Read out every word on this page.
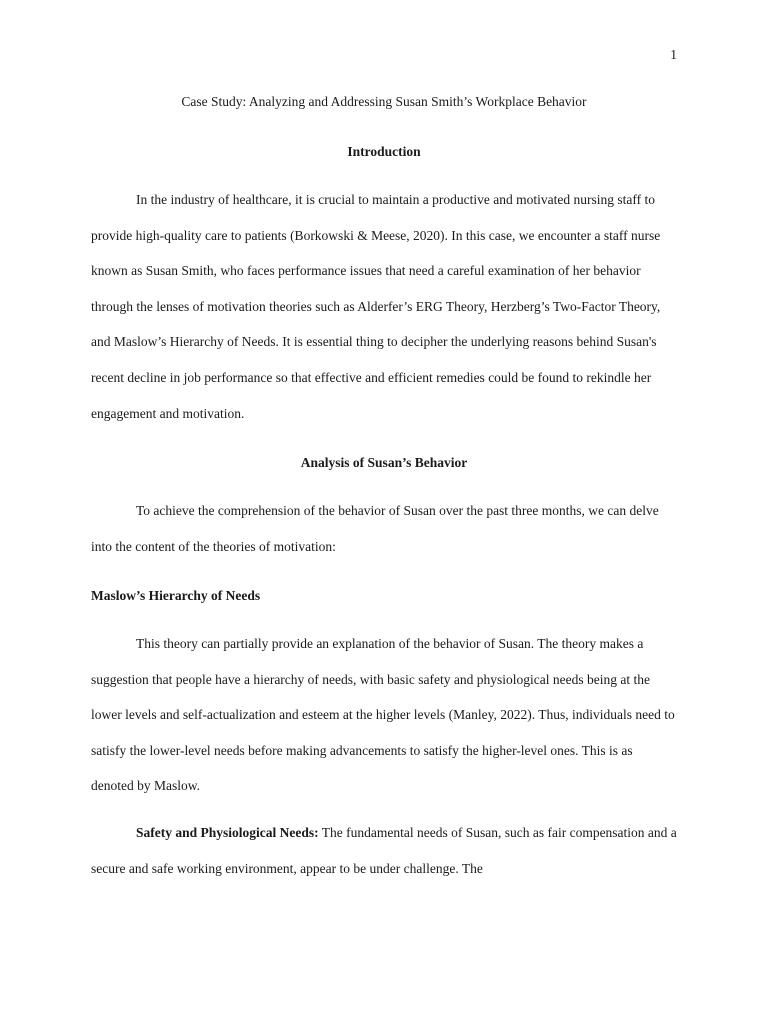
1
Case Study: Analyzing and Addressing Susan Smith’s Workplace Behavior
Introduction

In the industry of healthcare, it is crucial to maintain a productive and motivated nursing staff to provide high-quality care to patients (Borkowski & Meese, 2020). In this case, we encounter a staff nurse known as Susan Smith, who faces performance issues that need a careful examination of her behavior through the lenses of motivation theories such as Alderfer’s ERG Theory, Herzberg’s Two-Factor Theory, and Maslow’s Hierarchy of Needs. It is essential thing to decipher the underlying reasons behind Susan's recent decline in job performance so that effective and efficient remedies could be found to rekindle her engagement and motivation.

Analysis of Susan’s Behavior

To achieve the comprehension of the behavior of Susan over the past three months, we can delve into the content of the theories of motivation:

Maslow’s Hierarchy of Needs

This theory can partially provide an explanation of the behavior of Susan. The theory makes a suggestion that people have a hierarchy of needs, with basic safety and physiological needs being at the lower levels and self-actualization and esteem at the higher levels (Manley, 2022). Thus, individuals need to satisfy the lower-level needs before making advancements to satisfy the higher-level ones. This is as denoted by Maslow.

Safety and Physiological Needs: The fundamental needs of Susan, such as fair compensation and a secure and safe working environment, appear to be under challenge. The
